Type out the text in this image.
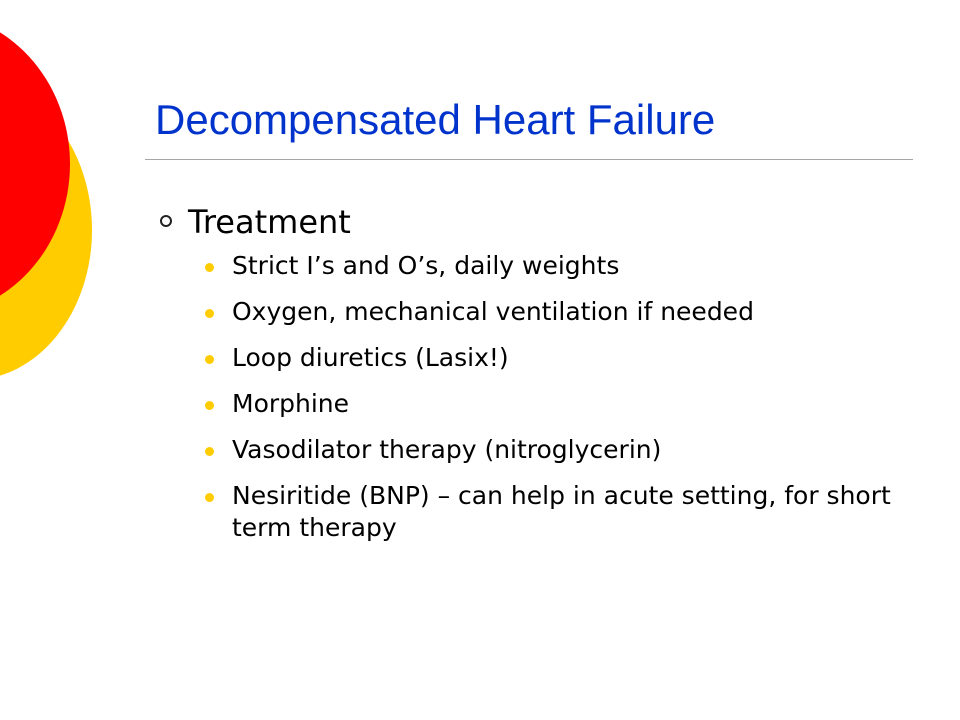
Decompensated Heart Failure
Treatment
Strict I’s and O’s, daily weights
Oxygen, mechanical ventilation if needed
Loop diuretics (Lasix!)
Morphine
Vasodilator therapy (nitroglycerin)
Nesiritide (BNP) – can help in acute setting, for short term therapy
